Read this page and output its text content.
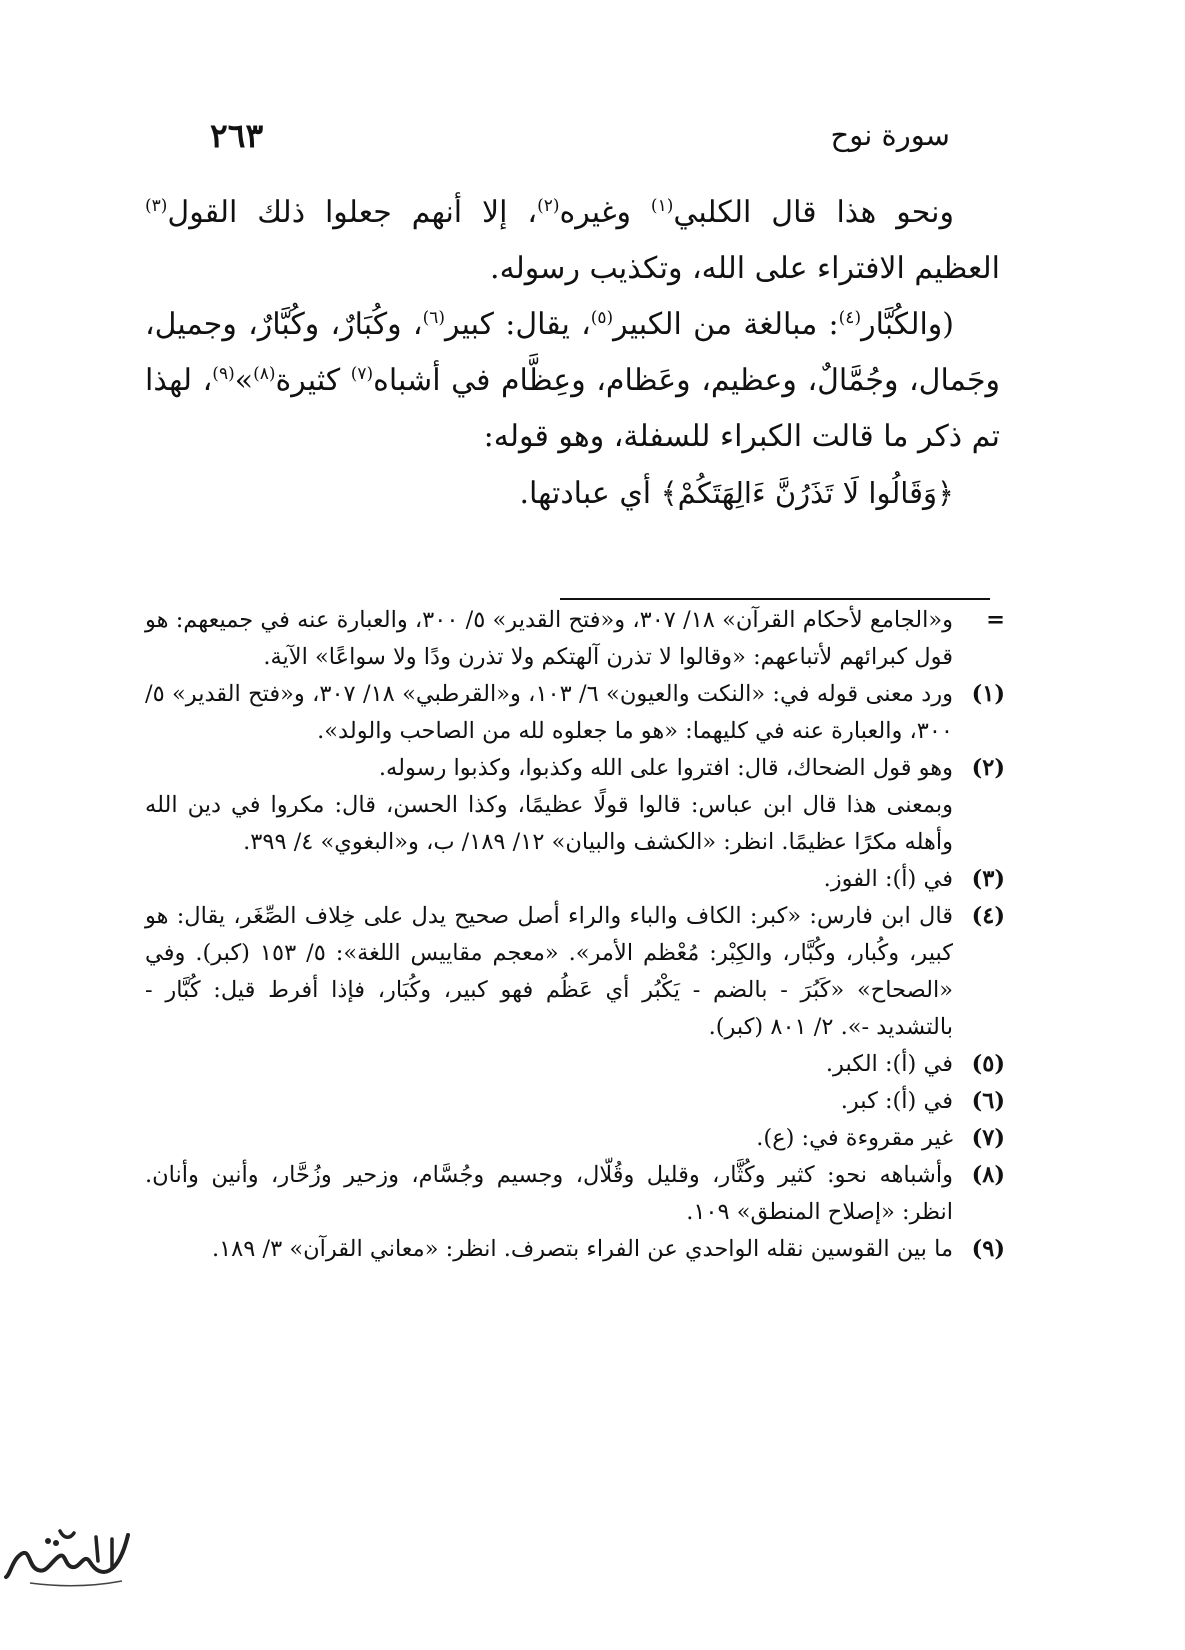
سورة نوح
٢٦٣

ونحو هذا قال الكلبي$^{(١)}$ وغيره$^{(٢)}$، إلا أنهم جعلوا ذلك القول$^{(٣)}$ العظيم الافتراء على الله، وتكذيب رسوله.

(والكُبَّار$^{(٤)}$: مبالغة من الكبير$^{(٥)}$، يقال: كبير$^{(٦)}$، وكُبَارٌ، وكُبَّارٌ، وجميل، وجَمال، وجُمَّالٌ، وعظيم، وعَظام، وعِظَّام في أشباه$^{(٧)}$ كثيرة$^{(٨)}$»$^{(٩)}$، لهذا تم ذكر ما قالت الكبراء للسفلة، وهو قوله:

﴿وَقَالُوا لَا تَذَرُنَّ ءَالِهَتَكُمْ﴾ أي عبادتها.

=
و«الجامع لأحكام القرآن» ١٨/ ٣٠٧، و«فتح القدير» ٥/ ٣٠٠، والعبارة عنه في جميعهم: هو قول كبرائهم لأتباعهم: «وقالوا لا تذرن آلهتكم ولا تذرن ودًا ولا سواعًا» الآية.

(١)
ورد معنى قوله في: «النكت والعيون» ٦/ ١٠٣، و«القرطبي» ١٨/ ٣٠٧، و«فتح القدير» ٥/ ٣٠٠، والعبارة عنه في كليهما: «هو ما جعلوه لله من الصاحب والولد».

(٢)
وهو قول الضحاك، قال: افتروا على الله وكذبوا، وكذبوا رسوله.

وبمعنى هذا قال ابن عباس: قالوا قولًا عظيمًا، وكذا الحسن، قال: مكروا في دين الله وأهله مكرًا عظيمًا. انظر: «الكشف والبيان» ١٢/ ١٨٩/ ب، و«البغوي» ٤/ ٣٩٩.

(٣)
في (أ): الفوز.

(٤)
قال ابن فارس: «كبر: الكاف والباء والراء أصل صحيح يدل على خِلاف الصِّغَر، يقال: هو كبير، وكُبار، وكُبَّار، والكِبْر: مُعْظم الأمر». «معجم مقاييس اللغة»: ٥/ ١٥٣ (كبر). وفي «الصحاح» «كَبُرَ - بالضم - يَكْبُر أي عَظُم فهو كبير، وكُبَار، فإذا أفرط قيل: كُبَّار - بالتشديد -». ٢/ ٨٠١ (كبر).

(٥)
في (أ): الكبر.

(٦)
في (أ): كبر.

(٧)
غير مقروءة في: (ع).

(٨)
وأشباهه نحو: كثير وكُثَّار، وقليل وقُلّال، وجسيم وجُسَّام، وزحير وزُحَّار، وأنين وأنان. انظر: «إصلاح المنطق» ١٠٩.

(٩)
ما بين القوسين نقله الواحدي عن الفراء بتصرف. انظر: «معاني القرآن» ٣/ ١٨٩.
